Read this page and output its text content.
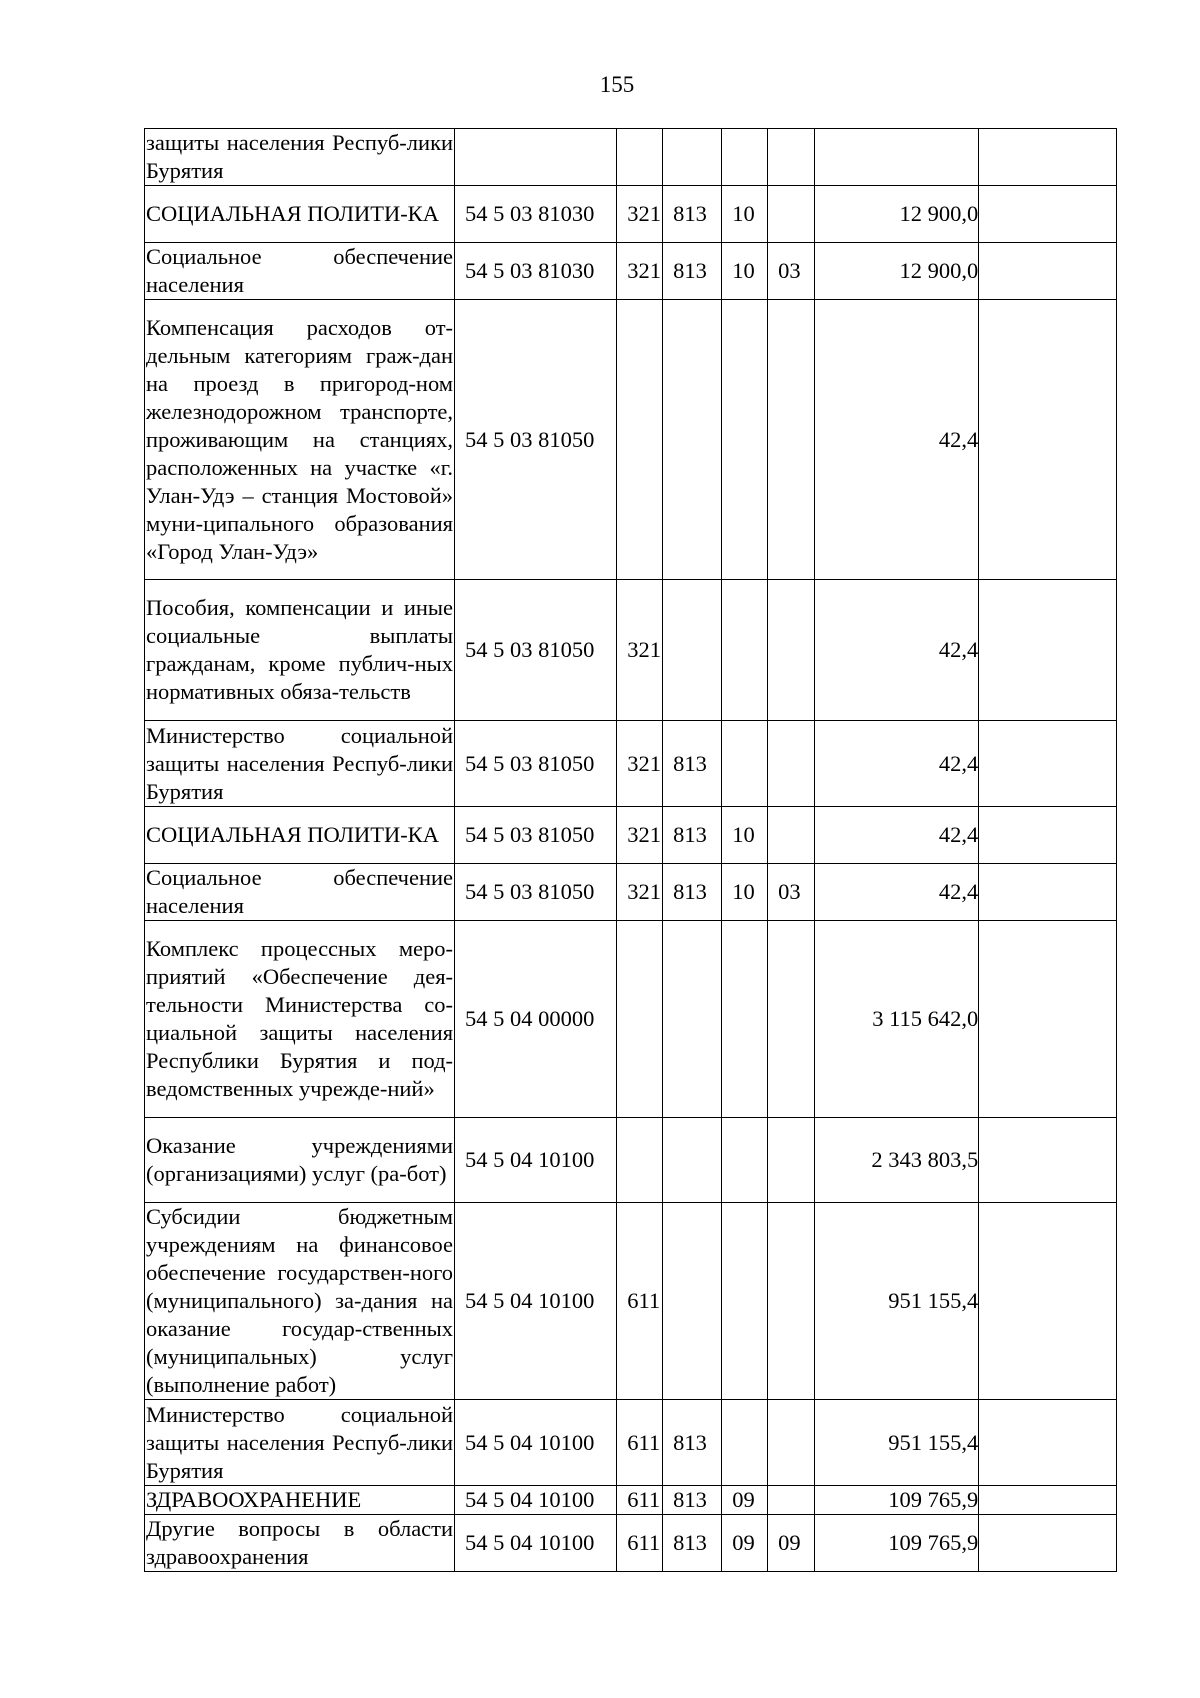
155
защиты населения Респуб-лики Бурятия							
СОЦИАЛЬНАЯ ПОЛИТИ-КА	54 5 03 81030	321	813	10		12 900,0	
Социальное обеспечение населения	54 5 03 81030	321	813	10	03	12 900,0	
Компенсация расходов от-дельным категориям граж-дан на проезд в пригород-ном железнодорожном транспорте, проживающим на станциях, расположенных на участке «г. Улан-Удэ – станция Мостовой» муни-ципального образования «Город Улан-Удэ»	54 5 03 81050					42,4	
Пособия, компенсации и иные социальные выплаты гражданам, кроме публич-ных нормативных обяза-тельств	54 5 03 81050	321				42,4	
Министерство социальной защиты населения Респуб-лики Бурятия	54 5 03 81050	321	813			42,4	
СОЦИАЛЬНАЯ ПОЛИТИ-КА	54 5 03 81050	321	813	10		42,4	
Социальное обеспечение населения	54 5 03 81050	321	813	10	03	42,4	
Комплекс процессных меро-приятий «Обеспечение дея-тельности Министерства со-циальной защиты населения Республики Бурятия и под-ведомственных учрежде-ний»	54 5 04 00000					3 115 642,0	
Оказание учреждениями (организациями) услуг (ра-бот)	54 5 04 10100					2 343 803,5	
Субсидии бюджетным учреждениям на финансовое обеспечение государствен-ного (муниципального) за-дания на оказание государ-ственных (муниципальных) услуг (выполнение работ)	54 5 04 10100	611				951 155,4	
Министерство социальной защиты населения Респуб-лики Бурятия	54 5 04 10100	611	813			951 155,4	
ЗДРАВООХРАНЕНИЕ	54 5 04 10100	611	813	09		109 765,9	
Другие вопросы в области здравоохранения	54 5 04 10100	611	813	09	09	109 765,9	
